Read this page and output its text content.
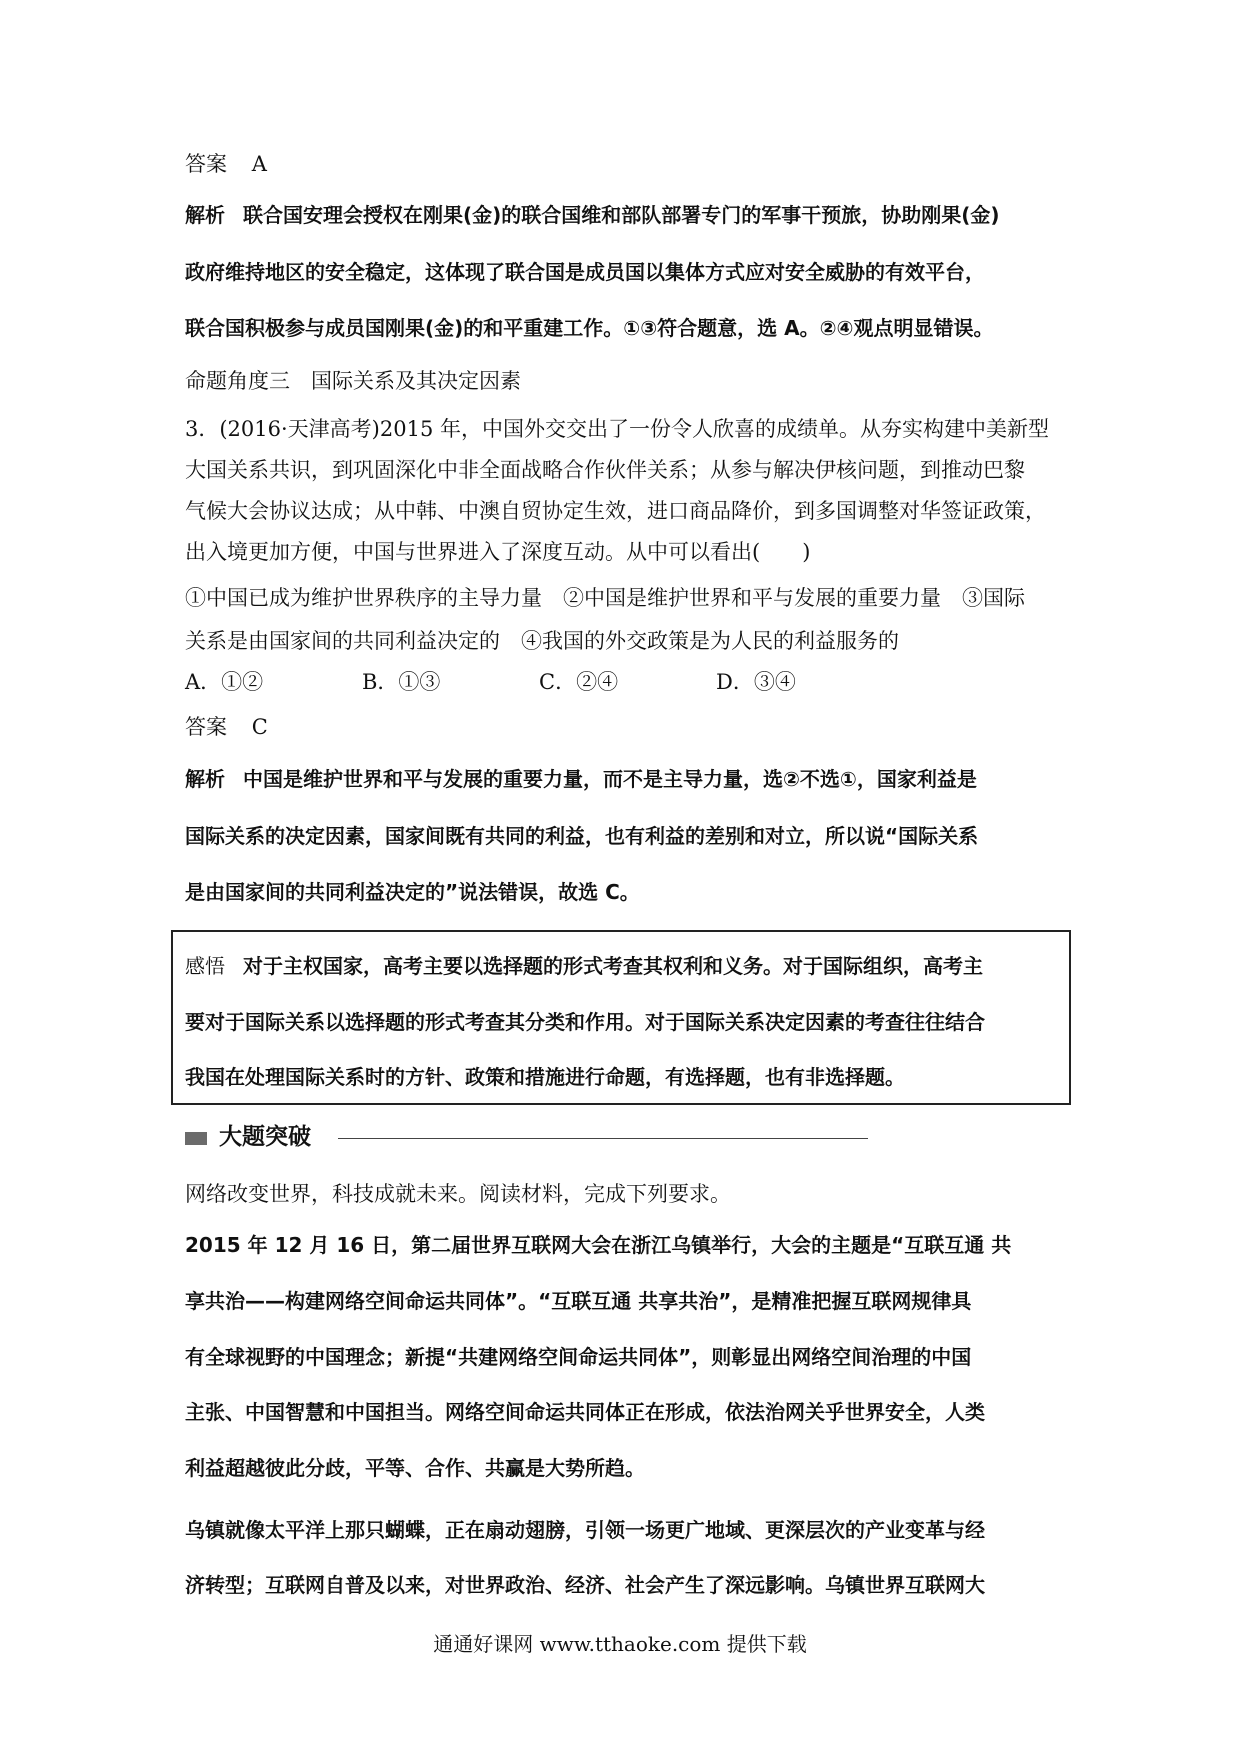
答案 A
解析 联合国安理会授权在刚果(金)的联合国维和部队部署专门的军事干预旅，协助刚果(金)
政府维持地区的安全稳定，这体现了联合国是成员国以集体方式应对安全威胁的有效平台，
联合国积极参与成员国刚果(金)的和平重建工作。①③符合题意，选 A。②④观点明显错误。
命题角度三　国际关系及其决定因素
3．(2016·天津高考)2015 年，中国外交交出了一份令人欣喜的成绩单。从夯实构建中美新型
大国关系共识，到巩固深化中非全面战略合作伙伴关系；从参与解决伊核问题，到推动巴黎
气候大会协议达成；从中韩、中澳自贸协定生效，进口商品降价，到多国调整对华签证政策，
出入境更加方便，中国与世界进入了深度互动。从中可以看出(　　)
①中国已成为维护世界秩序的主导力量　②中国是维护世界和平与发展的重要力量　③国际
关系是由国家间的共同利益决定的　④我国的外交政策是为人民的利益服务的
A．①②	B．①③	C．②④	D．③④
答案 C
解析 中国是维护世界和平与发展的重要力量，而不是主导力量，选②不选①，国家利益是
国际关系的决定因素，国家间既有共同的利益，也有利益的差别和对立，所以说“国际关系
是由国家间的共同利益决定的”说法错误，故选 C。
感悟 对于主权国家，高考主要以选择题的形式考查其权利和义务。对于国际组织，高考主
要对于国际关系以选择题的形式考查其分类和作用。对于国际关系决定因素的考查往往结合
我国在处理国际关系时的方针、政策和措施进行命题，有选择题，也有非选择题。
大题突破
网络改变世界，科技成就未来。阅读材料，完成下列要求。
2015 年 12 月 16 日，第二届世界互联网大会在浙江乌镇举行，大会的主题是“互联互通 共
享共治——构建网络空间命运共同体”。“互联互通 共享共治”，是精准把握互联网规律具
有全球视野的中国理念；新提“共建网络空间命运共同体”，则彰显出网络空间治理的中国
主张、中国智慧和中国担当。网络空间命运共同体正在形成，依法治网关乎世界安全，人类
利益超越彼此分歧，平等、合作、共赢是大势所趋。
乌镇就像太平洋上那只蝴蝶，正在扇动翅膀，引领一场更广地域、更深层次的产业变革与经
济转型；互联网自普及以来，对世界政治、经济、社会产生了深远影响。乌镇世界互联网大
通通好课网 www.tthaoke.com 提供下载
